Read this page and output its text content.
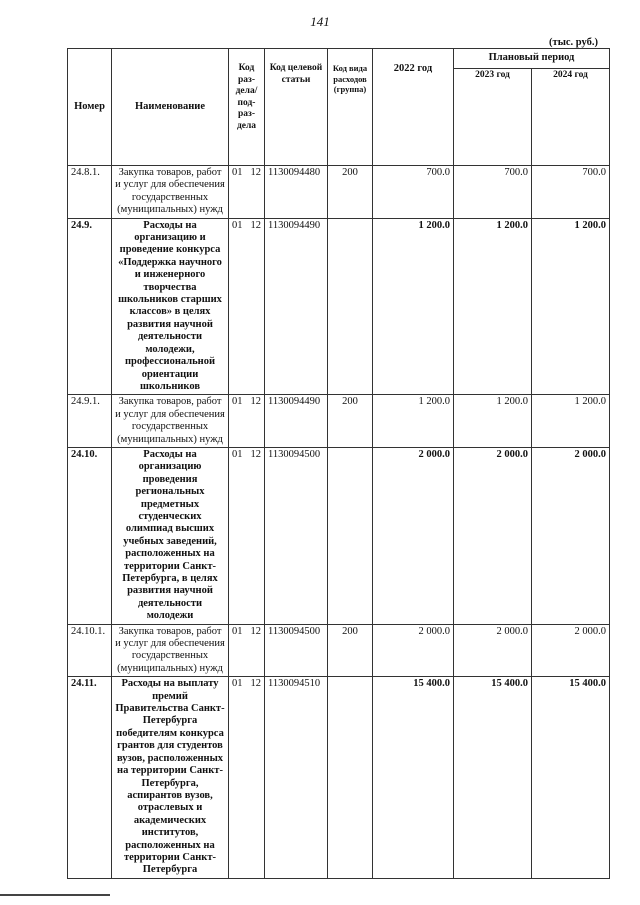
141
(тыс. руб.)
Номер	Наименование	Код раз-дела/ под-раз-дела	Код целевой статьи	Код вида расходов (группа)	2022 год	Плановый период	
						2023 год	2024 год
24.8.1.	Закупка товаров, работ и услуг для обеспечения государственных (муниципальных) нужд	01 12	1130094480	200	700.0	700.0	700.0
24.9.	Расходы на организацию и проведение конкурса «Поддержка научного и инженерного творчества школьников старших классов» в целях развития научной деятельности молодежи, профессиональной ориентации школьников	01 12	1130094490		1 200.0	1 200.0	1 200.0
24.9.1.	Закупка товаров, работ и услуг для обеспечения государственных (муниципальных) нужд	01 12	1130094490	200	1 200.0	1 200.0	1 200.0
24.10.	Расходы на организацию проведения региональных предметных студенческих олимпиад высших учебных заведений, расположенных на территории Санкт-Петербурга, в целях развития научной деятельности молодежи	01 12	1130094500		2 000.0	2 000.0	2 000.0
24.10.1.	Закупка товаров, работ и услуг для обеспечения государственных (муниципальных) нужд	01 12	1130094500	200	2 000.0	2 000.0	2 000.0
24.11.	Расходы на выплату премий Правительства Санкт-Петербурга победителям конкурса грантов для студентов вузов, расположенных на территории Санкт-Петербурга, аспирантов вузов, отраслевых и академических институтов, расположенных на территории Санкт-Петербурга	01 12	1130094510		15 400.0	15 400.0	15 400.0
